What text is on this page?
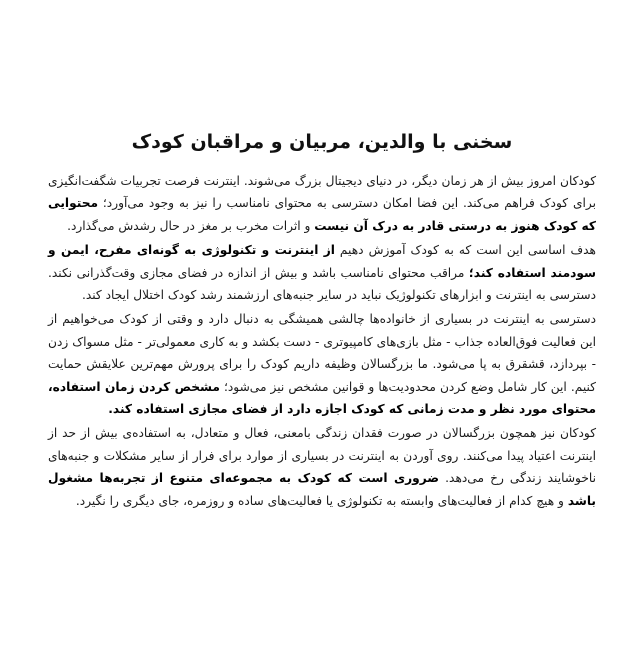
سخنی با والدین، مربیان و مراقبان کودک

کودکان امروز بیش از هر زمان دیگر، در دنیای دیجیتال بزرگ می‌شوند. اینترنت فرصت تجربیات شگفت‌انگیزی برای کودک فراهم می‌کند. این فضا امکان دسترسی به محتوای نامناسب را نیز به وجود می‌آورد؛ محتوایی که کودک هنوز به درستی قادر به درک آن نیست و اثرات مخرب بر مغز در حال رشدش می‌گذارد.

هدف اساسی این است که به کودک آموزش دهیم از اینترنت و تکنولوژی به گونه‌ای مفرح، ایمن و سودمند استفاده کند؛ مراقب محتوای نامناسب باشد و بیش از اندازه در فضای مجازی وقت‌گذرانی نکند. دسترسی به اینترنت و ابزارهای تکنولوژیک نباید در سایر جنبه‌های ارزشمند رشد کودک اختلال ایجاد کند.

دسترسی به اینترنت در بسیاری از خانواده‌ها چالشی همیشگی به دنبال دارد و وقتی از کودک می‌خواهیم از این فعالیت فوق‌العاده جذاب - مثل بازی‌های کامپیوتری - دست بکشد و به کاری معمولی‌تر - مثل مسواک زدن - بپردازد، قشقرق به پا می‌شود. ما بزرگسالان وظیفه داریم کودک را برای پرورش مهم‌ترین علایقش حمایت کنیم. این کار شامل وضع کردن محدودیت‌ها و قوانین مشخص نیز می‌شود؛ مشخص کردن زمان استفاده، محتوای مورد نظر و مدت زمانی که کودک اجازه دارد از فضای مجازی استفاده کند.

کودکان نیز همچون بزرگسالان در صورت فقدان زندگی بامعنی، فعال و متعادل، به استفاده‌ی بیش از حد از اینترنت اعتیاد پیدا می‌کنند. روی آوردن به اینترنت در بسیاری از موارد برای فرار از سایر مشکلات و جنبه‌های ناخوشایند زندگی رخ می‌دهد. ضروری است که کودک به مجموعه‌ای متنوع از تجربه‌ها مشغول باشد و هیچ کدام از فعالیت‌های وابسته به تکنولوژی یا فعالیت‌های ساده و روزمره، جای دیگری را نگیرد.
